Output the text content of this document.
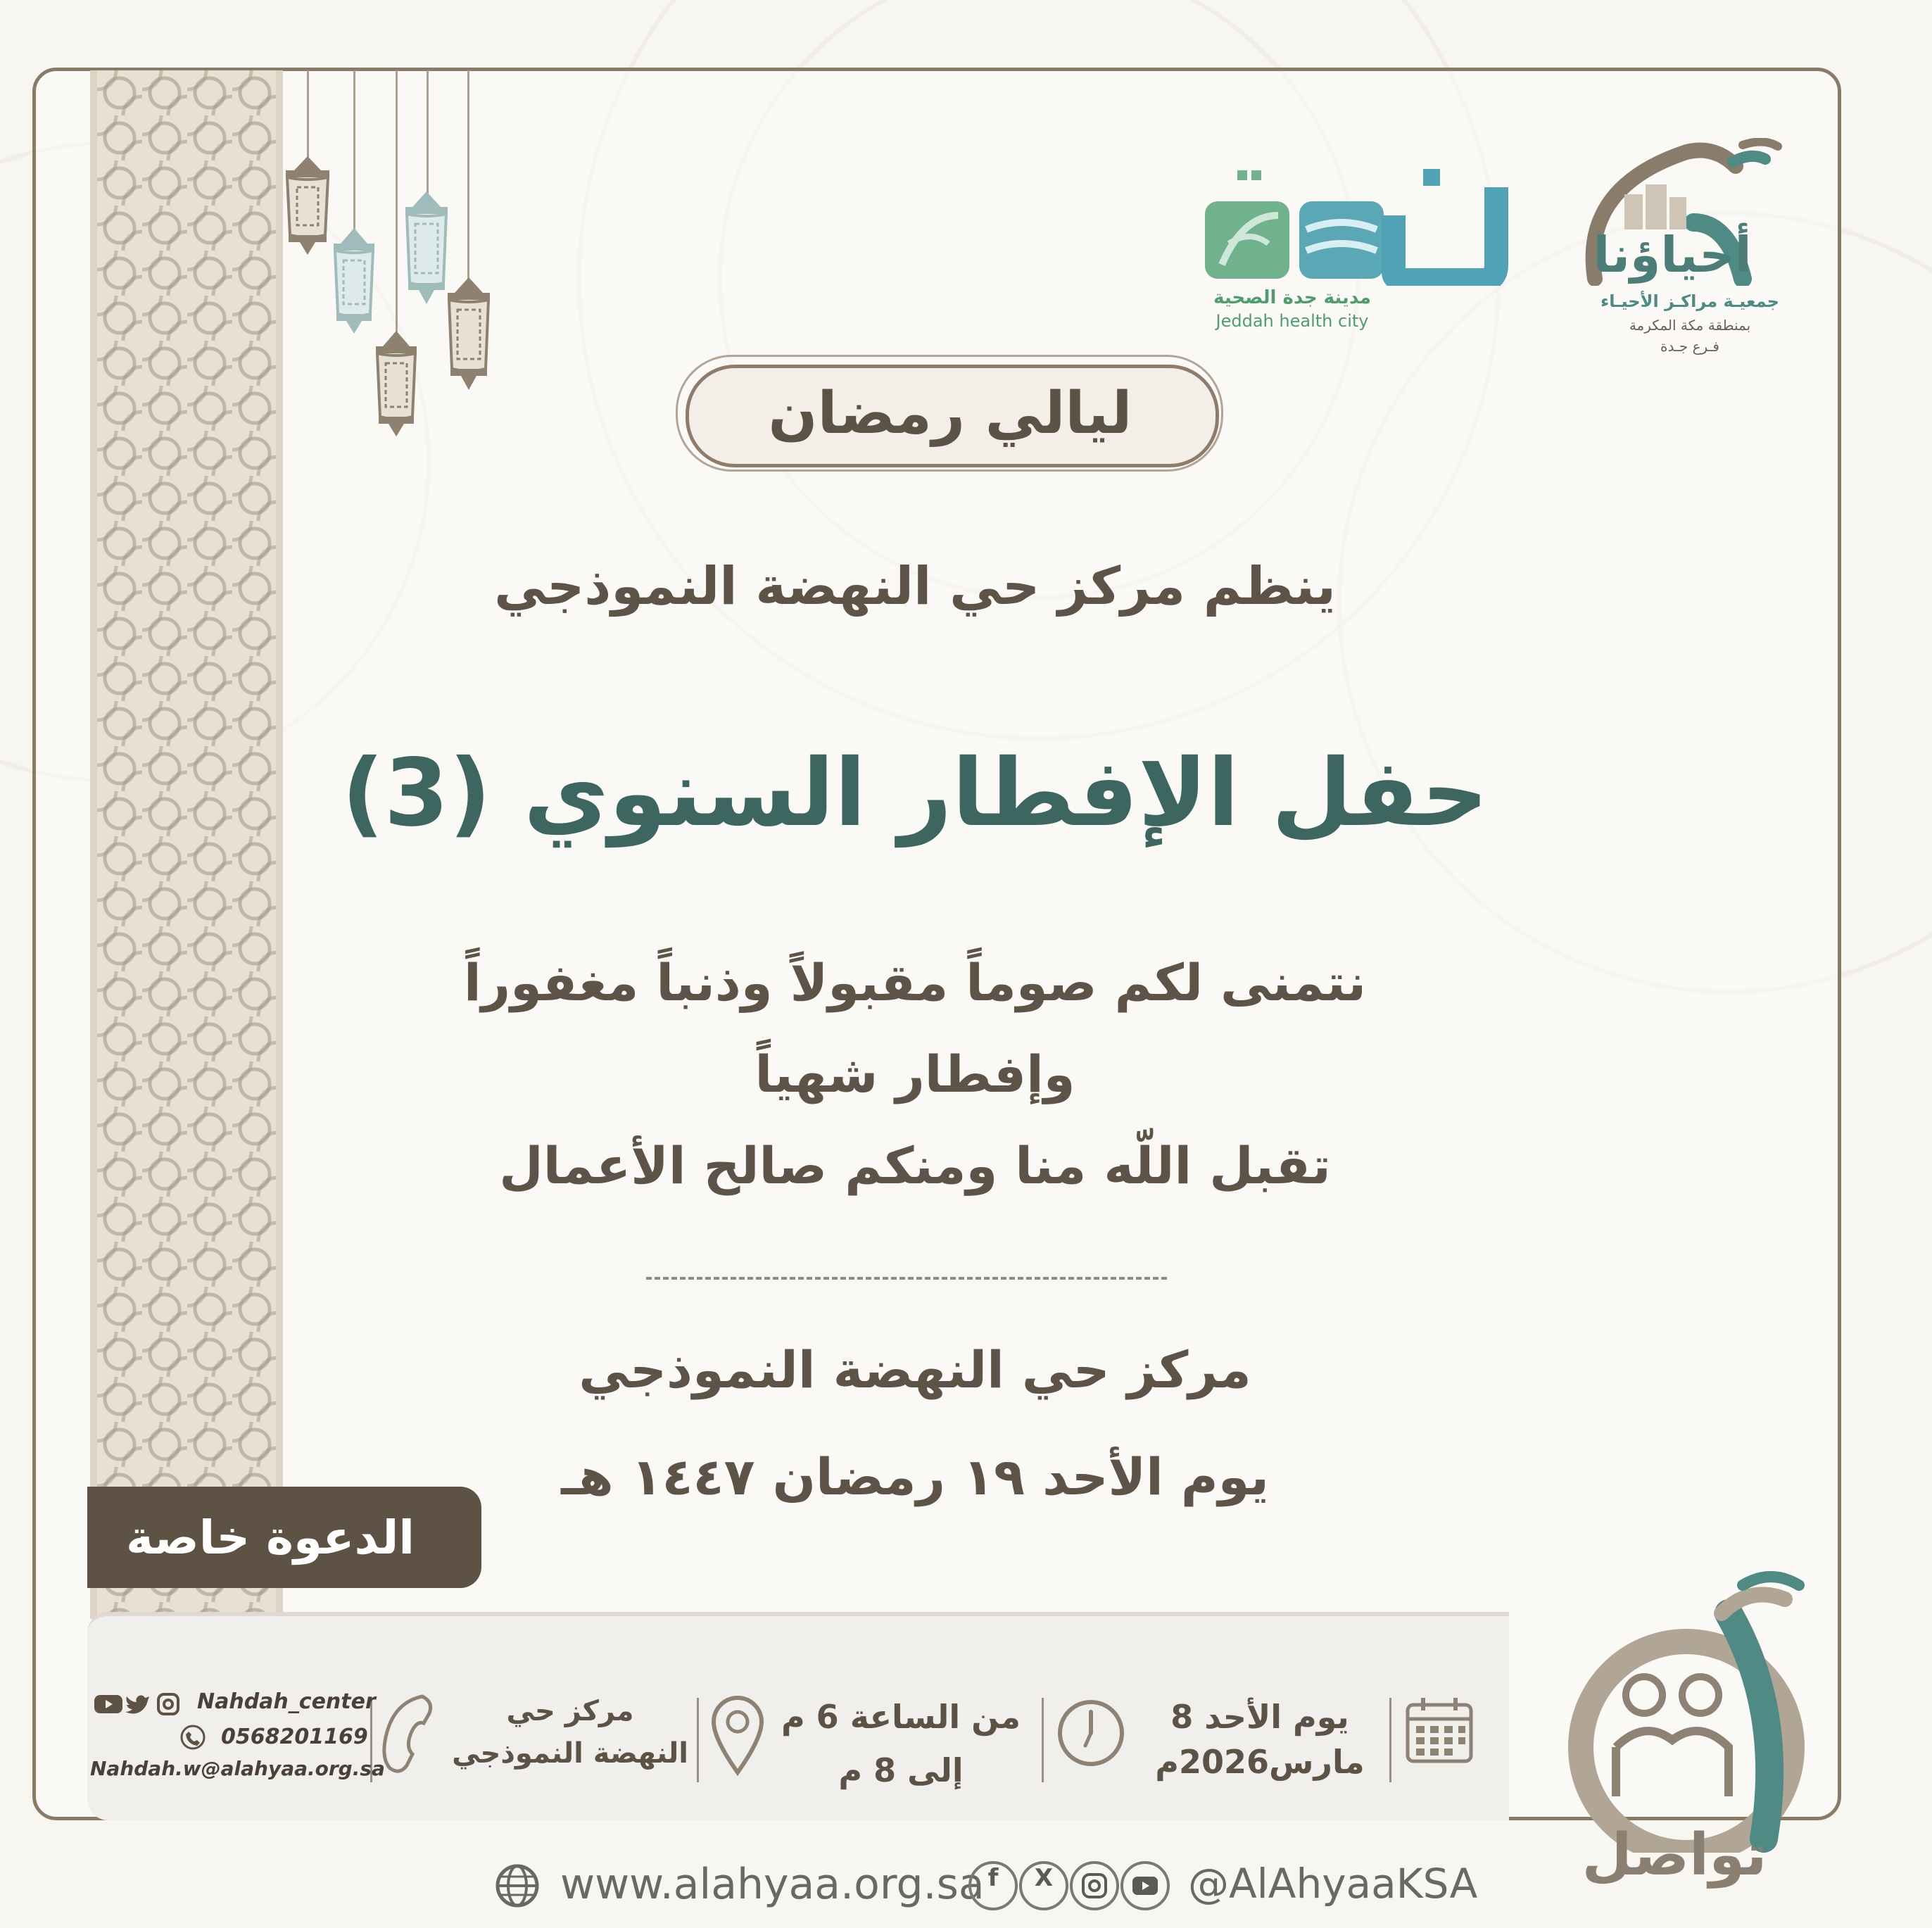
أحياؤنا
جمعيـة مراكـز الأحيـاء
بمنطقة مكة المكرمة
فـرع جـدة
مدينة جدة الصحية
Jeddah health city
ليالي رمضان
ينظم مركز حي النهضة النموذجي
حفل الإفطار السنوي (3)
نتمنى لكم صوماً مقبولاً وذنباً مغفوراً
وإفطار شهياً
تقبل اللّه منا ومنكم صالح الأعمال
مركز حي النهضة النموذجي
يوم الأحد ١٩ رمضان ١٤٤٧ هـ
الدعوة خاصة
يوم الأحد 8
مارس2026م
من الساعة 6 م
إلى 8 م
مركز حي
النهضة النموذجي
Nahdah_center
0568201169
Nahdah.w@alahyaa.org.sa
تواصل
www.alahyaa.org.sa f	X	@AlAhyaaKSA
